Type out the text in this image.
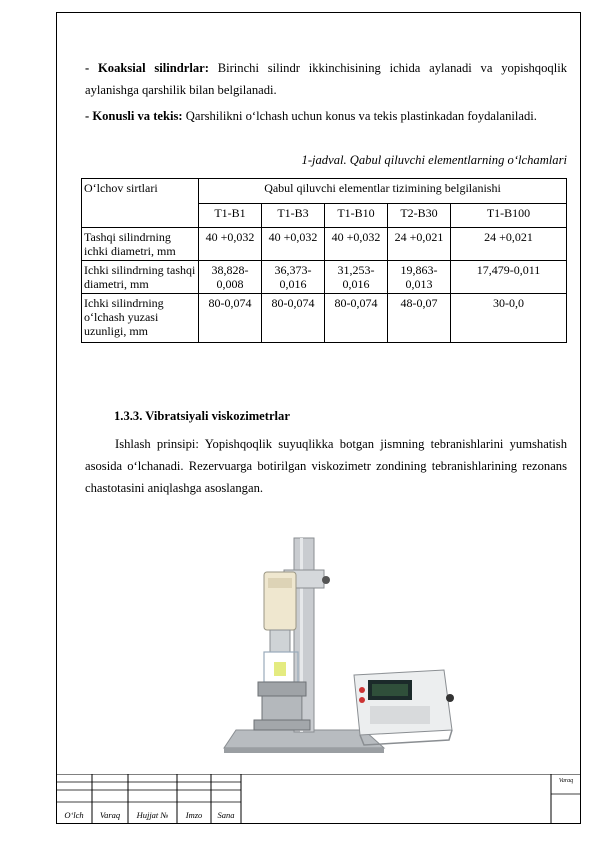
- Koaksial silindrlar: Birinchi silindr ikkinchisining ichida aylanadi va yopishqoqlik aylanishga qarshilik bilan belgilanadi.

- Konusli va tekis: Qarshilikni o‘lchash uchun konus va tekis plastinkadan foydalaniladi.

1-jadval. Qabul qiluvchi elementlarning o‘lchamlari
O‘lchov sirtlari	Qabul qiluvchi elementlar tizimining belgilanishi				
	T1-B1	T1-B3	T1-B10	T2-B30	T1-B100
Tashqi silindrning ichki diametri, mm	40 +0,032	40 +0,032	40 +0,032	24 +0,021	24 +0,021
Ichki silindrning tashqi diametri, mm	38,828-0,008	36,373-0,016	31,253-0,016	19,863-0,013	17,479-0,011
Ichki silindrning o‘lchash yuzasi uzunligi, mm	80-0,074	80-0,074	80-0,074	48-0,07	30-0,0
1.3.3. Vibratsiyali viskozimetrlar

Ishlash prinsipi: Yopishqoqlik suyuqlikka botgan jismning tebranishlarini yumshatish asosida o‘lchanadi. Rezervuarga botirilgan viskozimetr zondining tebranishlarining rezonans chastotasini aniqlashga asoslangan.

O‘lch	Varaq	Hujjat №	Imzo	Sana
Varaq
